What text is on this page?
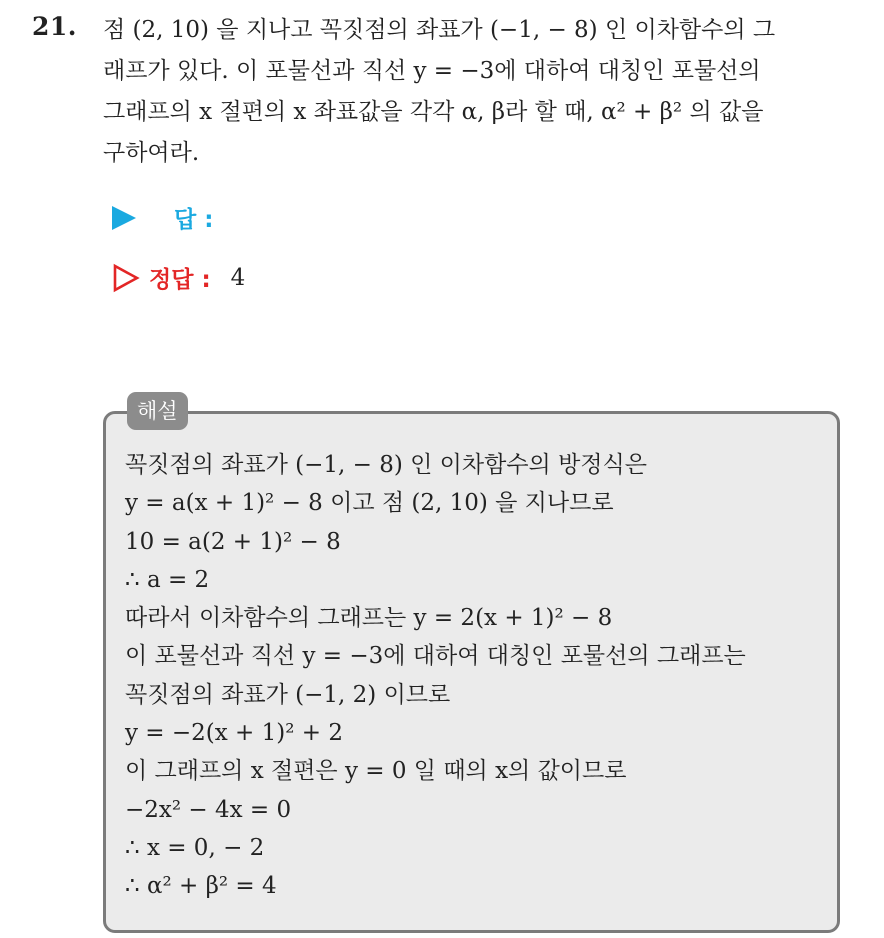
21. 점 (2, 10) 을 지나고 꼭짓점의 좌표가 (−1, − 8) 인 이차함수의 그
래프가 있다. 이 포물선과 직선 y = −3에 대하여 대칭인 포물선의
그래프의 x 절편의 x 좌표값을 각각 α, β라 할 때, α² + β² 의 값을
구하여라.
답 :
정답 : 4
해설
꼭짓점의 좌표가 (−1, − 8) 인 이차함수의 방정식은
y = a(x + 1)² − 8 이고 점 (2, 10) 을 지나므로
10 = a(2 + 1)² − 8
∴ a = 2
따라서 이차함수의 그래프는 y = 2(x + 1)² − 8
이 포물선과 직선 y = −3에 대하여 대칭인 포물선의 그래프는
꼭짓점의 좌표가 (−1, 2) 이므로
y = −2(x + 1)² + 2
이 그래프의 x 절편은 y = 0 일 때의 x의 값이므로
−2x² − 4x = 0
∴ x = 0, − 2
∴ α² + β² = 4
